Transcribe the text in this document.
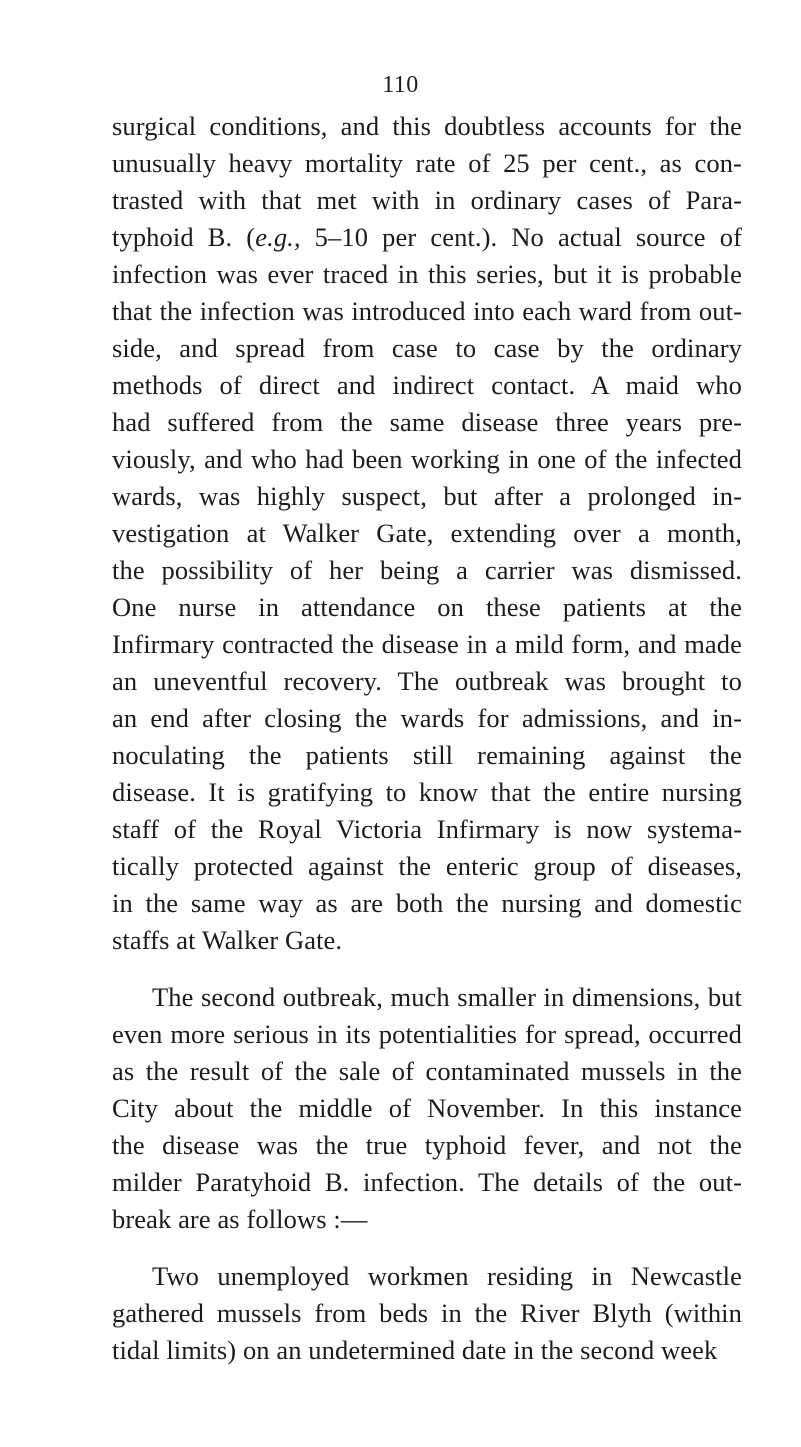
110
surgical conditions, and this doubtless accounts for the
unusually heavy mortality rate of 25 per cent., as con-
trasted with that met with in ordinary cases of Para-
typhoid B. (e.g., 5–10 per cent.). No actual source of
infection was ever traced in this series, but it is probable
that the infection was introduced into each ward from out-
side, and spread from case to case by the ordinary
methods of direct and indirect contact. A maid who
had suffered from the same disease three years pre-
viously, and who had been working in one of the infected
wards, was highly suspect, but after a prolonged in-
vestigation at Walker Gate, extending over a month,
the possibility of her being a carrier was dismissed.
One nurse in attendance on these patients at the
Infirmary contracted the disease in a mild form, and made
an uneventful recovery. The outbreak was brought to
an end after closing the wards for admissions, and in-
noculating the patients still remaining against the
disease. It is gratifying to know that the entire nursing
staff of the Royal Victoria Infirmary is now systema-
tically protected against the enteric group of diseases,
in the same way as are both the nursing and domestic
staffs at Walker Gate.
The second outbreak, much smaller in dimensions, but
even more serious in its potentialities for spread, occurred
as the result of the sale of contaminated mussels in the
City about the middle of November. In this instance
the disease was the true typhoid fever, and not the
milder Paratyhoid B. infection. The details of the out-
break are as follows :—
Two unemployed workmen residing in Newcastle
gathered mussels from beds in the River Blyth (within
tidal limits) on an undetermined date in the second week
